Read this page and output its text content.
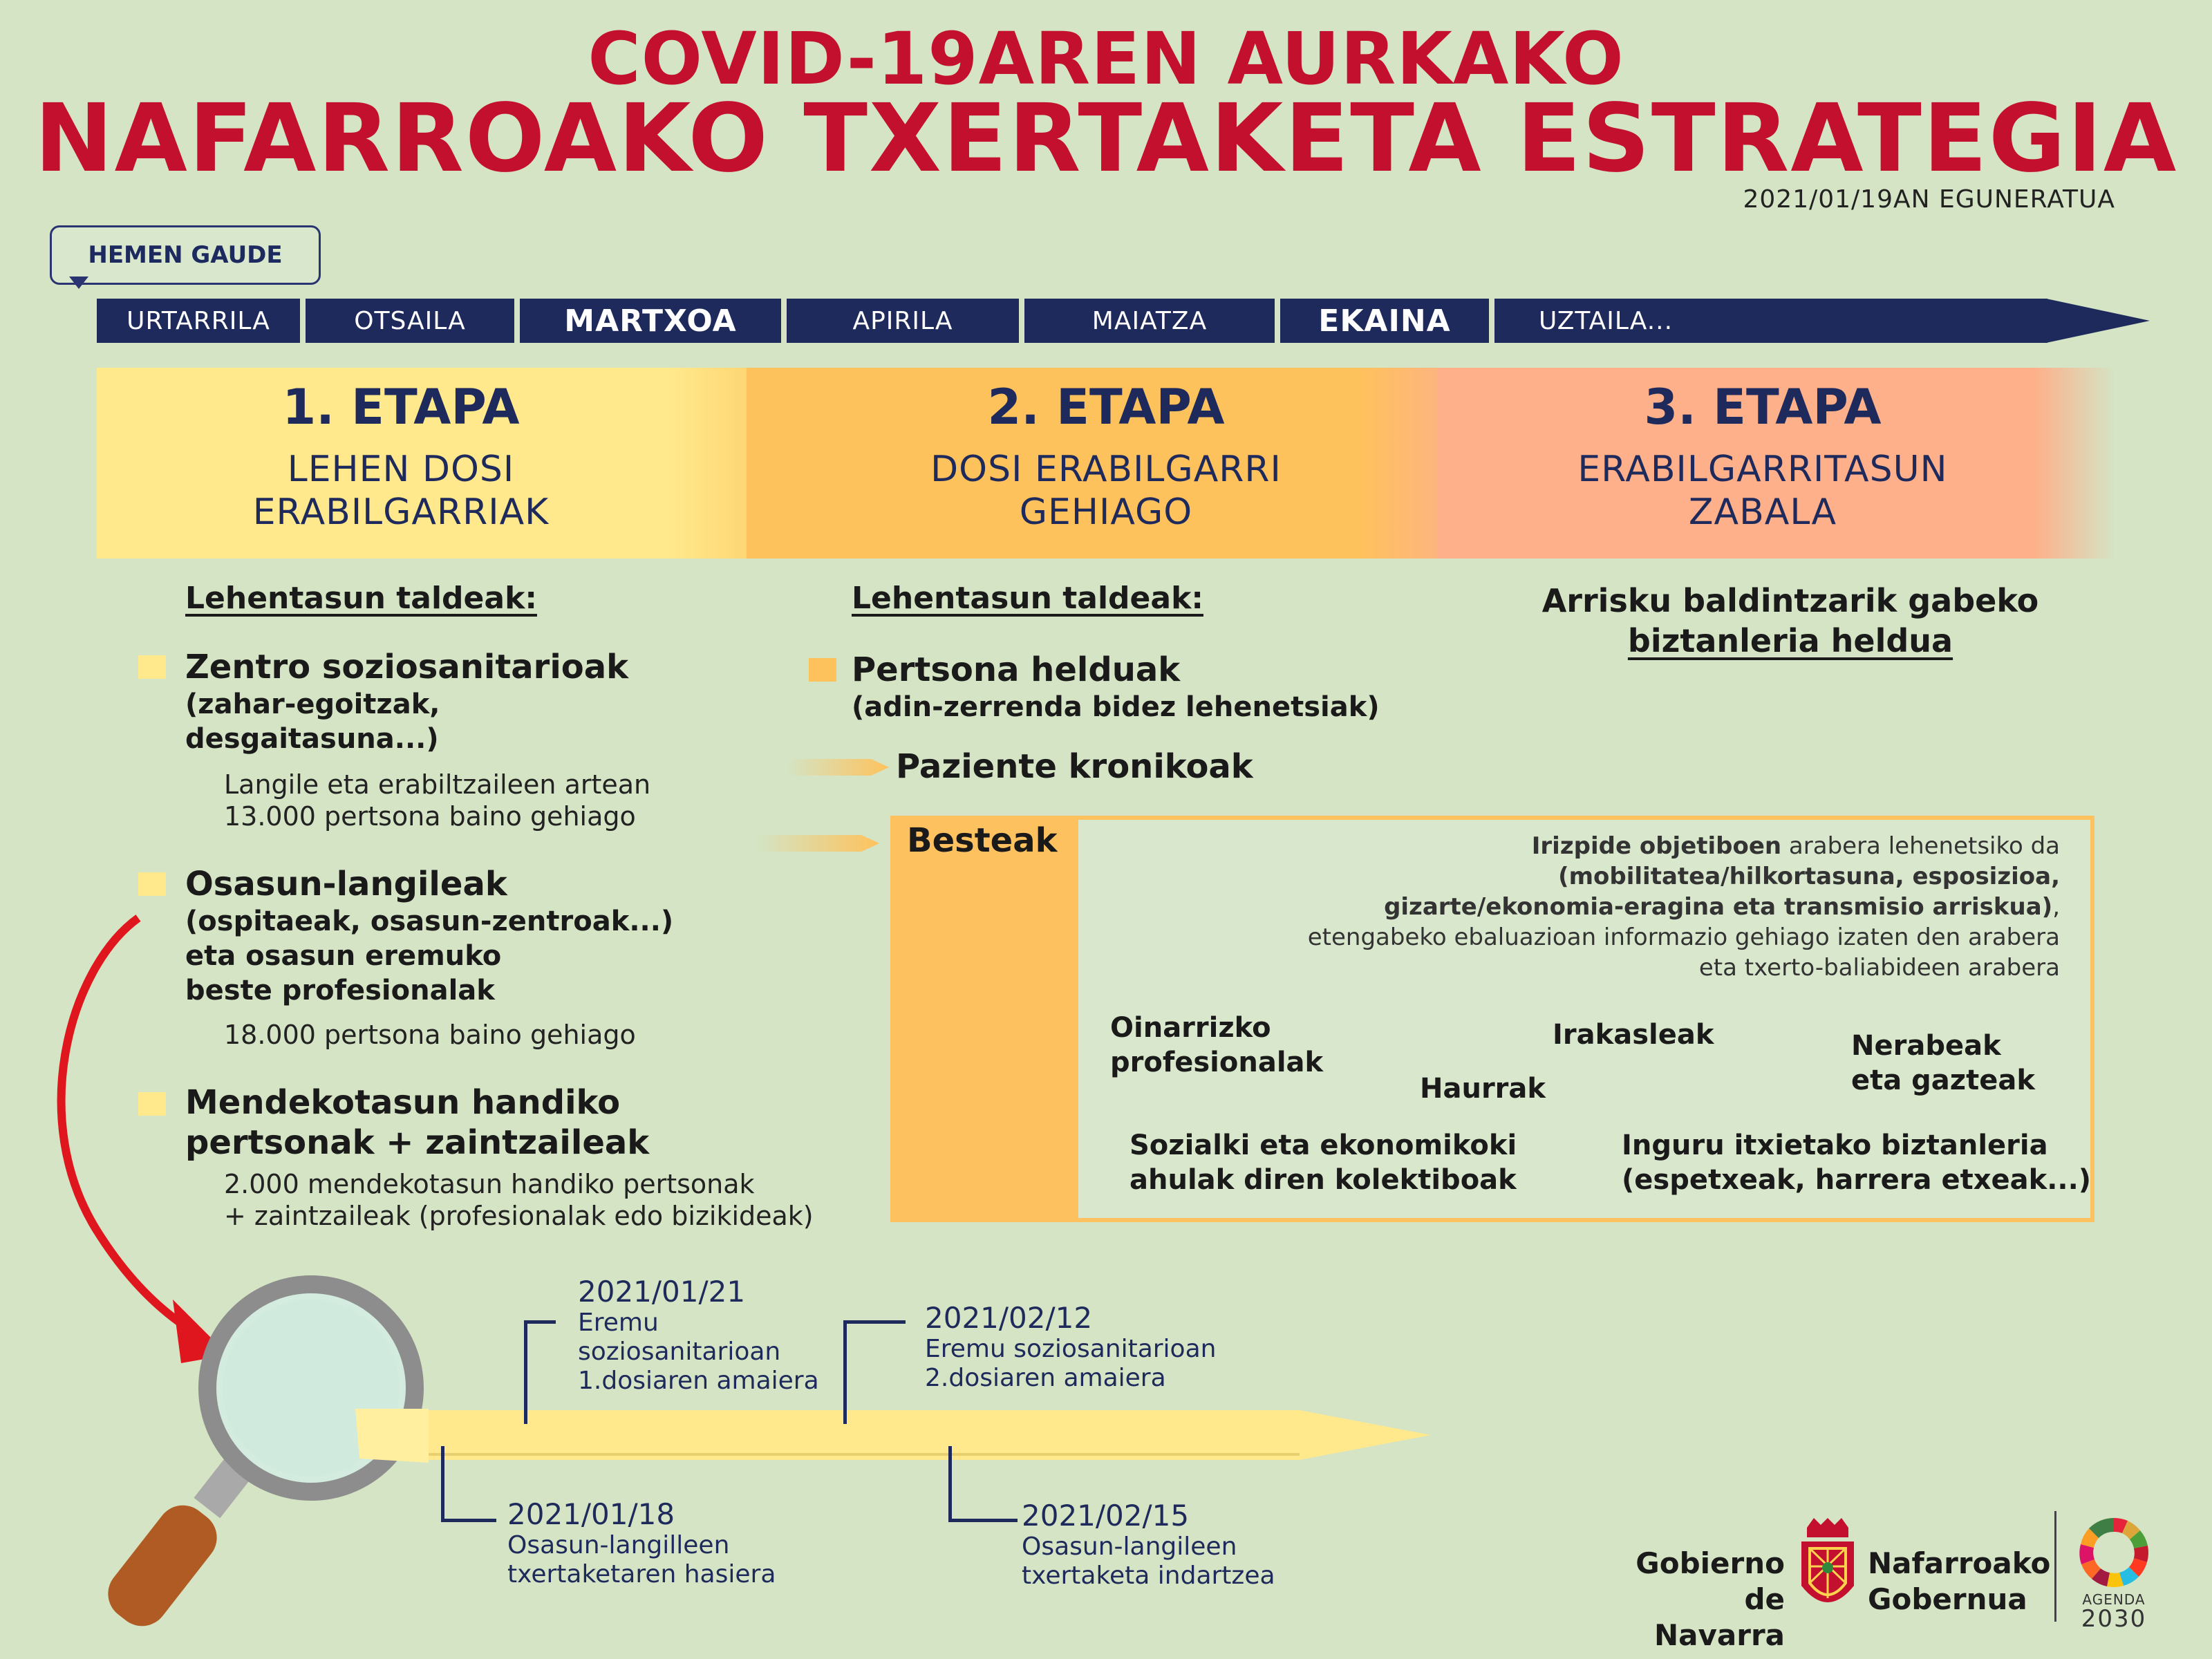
COVID-19AREN AURKAKO
NAFARROAKO TXERTAKETA ESTRATEGIA
2021/01/19AN EGUNERATUA
HEMEN GAUDE
URTARRILA	OTSAILA	MARTXOA	APIRILA	MAIATZA	EKAINA	UZTAILA...
1. ETAPA
LEHEN DOSI
ERABILGARRIAK
2. ETAPA
DOSI ERABILGARRI
GEHIAGO
3. ETAPA
ERABILGARRITASUN
ZABALA
Lehentasun taldeak:
Zentro soziosanitarioak
(zahar-egoitzak,
desgaitasuna...)
Langile eta erabiltzaileen artean
13.000 pertsona baino gehiago
Osasun-langileak
(ospitaeak, osasun-zentroak...)
eta osasun eremuko
beste profesionalak
18.000 pertsona baino gehiago
Mendekotasun handiko
pertsonak + zaintzaileak
2.000 mendekotasun handiko pertsonak
+ zaintzaileak (profesionalak edo bizikideak)
Lehentasun taldeak:
Pertsona helduak
(adin-zerrenda bidez lehenetsiak)
Paziente kronikoak
Besteak	Irizpide objetiboen arabera lehenetsiko da
(mobilitatea/hilkortasuna, esposizioa,
gizarte/ekonomia-eragina eta transmisio arriskua),
etengabeko ebaluazioan informazio gehiago izaten den arabera
eta txerto-baliabideen arabera
Oinarrizko
profesionalak
Haurrak
Irakasleak	Nerabeak
eta gazteak
Sozialki eta ekonomikoki
ahulak diren kolektiboak
Inguru itxietako biztanleria
(espetxeak, harrera etxeak...)
Arrisku baldintzarik gabeko
biztanleria heldua
2021/01/21
Eremu
soziosanitarioan
1.dosiaren amaiera
2021/02/12
Eremu soziosanitarioan
2.dosiaren amaiera
2021/01/18
Osasun-langilleen
txertaketaren hasiera
2021/02/15
Osasun-langileen
txertaketa indartzea	Gobierno
de Navarra
Nafarroako
Gobernua	AGENDA
2030
